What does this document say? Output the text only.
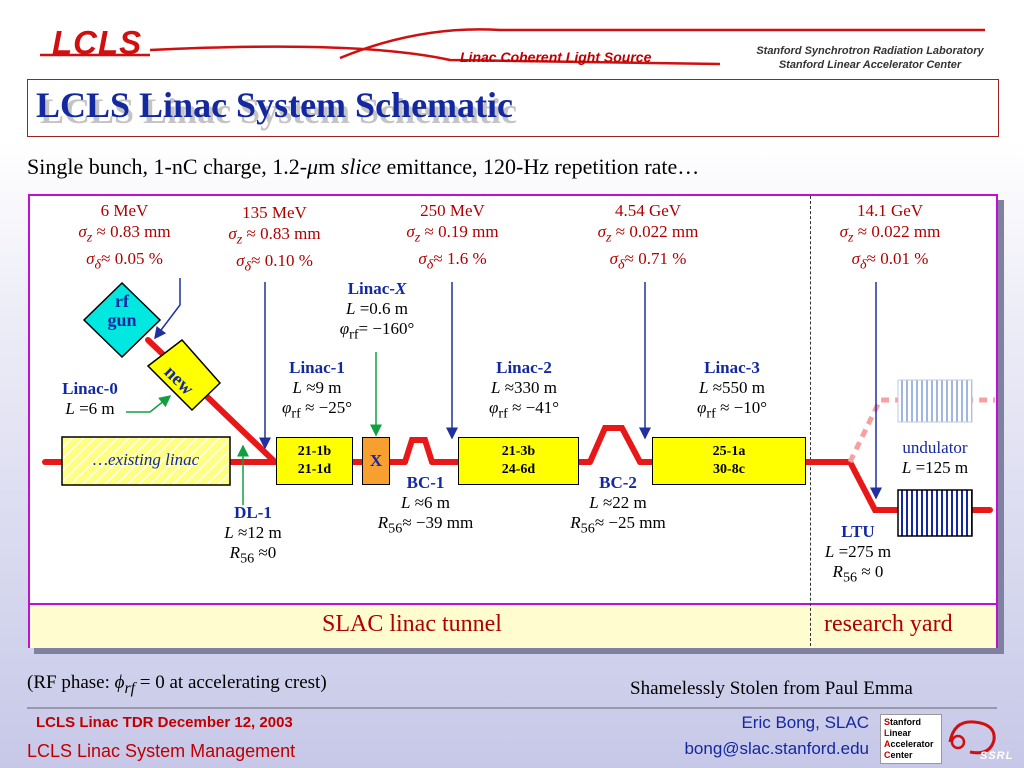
LCLS	Linac Coherent Light Source	Stanford Synchrotron Radiation Laboratory
Stanford Linear Accelerator Center
LCLS Linac System Schematic
Single bunch, 1-nC charge, 1.2-μm slice emittance, 120-Hz repetition rate…
SLAC linac tunnel	research yard
6 MeV
$\sigma_z \approx 0.83$ mm
$\sigma_\delta\approx 0.05$ %
135 MeV
$\sigma_z \approx 0.83$ mm
$\sigma_\delta\approx 0.10$ %
250 MeV
$\sigma_z \approx 0.19$ mm
$\sigma_\delta\approx 1.6$ %
4.54 GeV
$\sigma_z \approx 0.022$ mm
$\sigma_\delta\approx 0.71$ %
14.1 GeV
$\sigma_z \approx 0.022$ mm
$\sigma_\delta\approx 0.01$ %
rf
gun
new
Linac-0
L =6 m
…existing linac
DL-1
L ≈12 m
$R_{56} \approx 0$
Linac-1
L ≈9 m
$\varphi_{rf} \approx -25^\circ$
21-1b
21-1d
Linac-X
L =0.6 m
$\varphi_{rf}= -160^\circ$
X
BC-1
L ≈6 m
$R_{56}\approx -39$ mm
Linac-2
L ≈330 m
$\varphi_{rf} \approx -41^\circ$
21-3b
24-6d
BC-2
L ≈22 m
$R_{56}\approx -25$ mm
Linac-3
L ≈550 m
$\varphi_{rf} \approx -10^\circ$
25-1a
30-8c
undulator
L =125 m
LTU
L =275 m
$R_{56} \approx 0$
(RF phase: $\phi_{rf} = 0$ at accelerating crest)	Shamelessly Stolen from Paul Emma
LCLS Linac TDR December 12, 2003
LCLS Linac System Management
Eric Bong, SLAC
bong@slac.stanford.edu
Stanford
Linear
Accelerator
Center	SSRL
